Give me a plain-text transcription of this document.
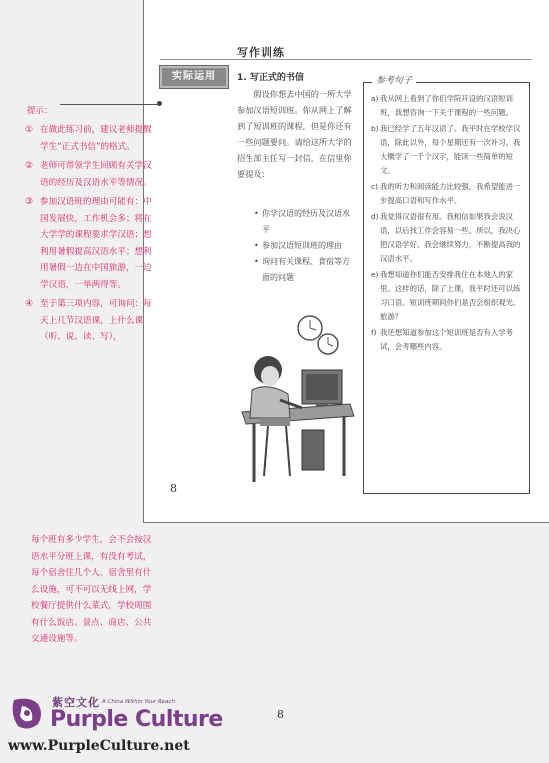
写作训练
实际运用	1. 写正式的书信
假设你想去中国的一所大学参加汉语短训班。你从网上了解到了短训班的课程，但是你还有一些问题要问。请给这所大学的招生部主任写一封信，在信里你要提及：
• 你学汉语的经历及汉语水平
• 参加汉语短训班的理由
• 询问有关课程、食宿等方面的问题
8
参考句子
a) 我从网上看到了你们学院开设的汉语短训班，我想咨询一下关于课程的一些问题。
b) 我已经学了五年汉语了。我平时在学校学汉语，除此以外，每个星期还有一次补习。我大概学了一千个汉字，能读一些简单的短文。
c) 我的听力和阅读能力比较强，我希望能进一步提高口语和写作水平。
d) 我觉得汉语很有用。我相信如果我会说汉语，以后找工作会容易一些。所以，我决心把汉语学好。我会继续努力，不断提高我的汉语水平。
e) 我想知道你们能否安排我住在本地人的家里。这样的话，除了上课，我平时还可以练习口语。短训班期间你们是否会组织观光、旅游？
f) 我还想知道参加这个短训班是否有入学考试，会考哪些内容。
提示：
① 在做此练习前，建议老师提醒学生“正式书信”的格式。
② 老师可带领学生回顾有关学汉语的经历及汉语水平等情况。
③ 参加汉语班的理由可能有：中国发展快，工作机会多；将在大学学的课程要求学汉语；想利用暑假提高汉语水平；想利用暑假一边在中国旅游，一边学汉语，一举两得等。
④ 至于第三项内容，可询问：每天上几节汉语课，上什么课（听、说、读、写），
每个班有多少学生，会不会按汉语水平分班上课，有没有考试，每个宿舍住几个人，宿舍里有什么设施，可不可以无线上网，学校餐厅提供什么菜式，学校周围有什么饭店、景点、商店、公共交通设施等。
8
紫空文化 A China Within Your Reach
Purple Culture
www.PurpleCulture.net
